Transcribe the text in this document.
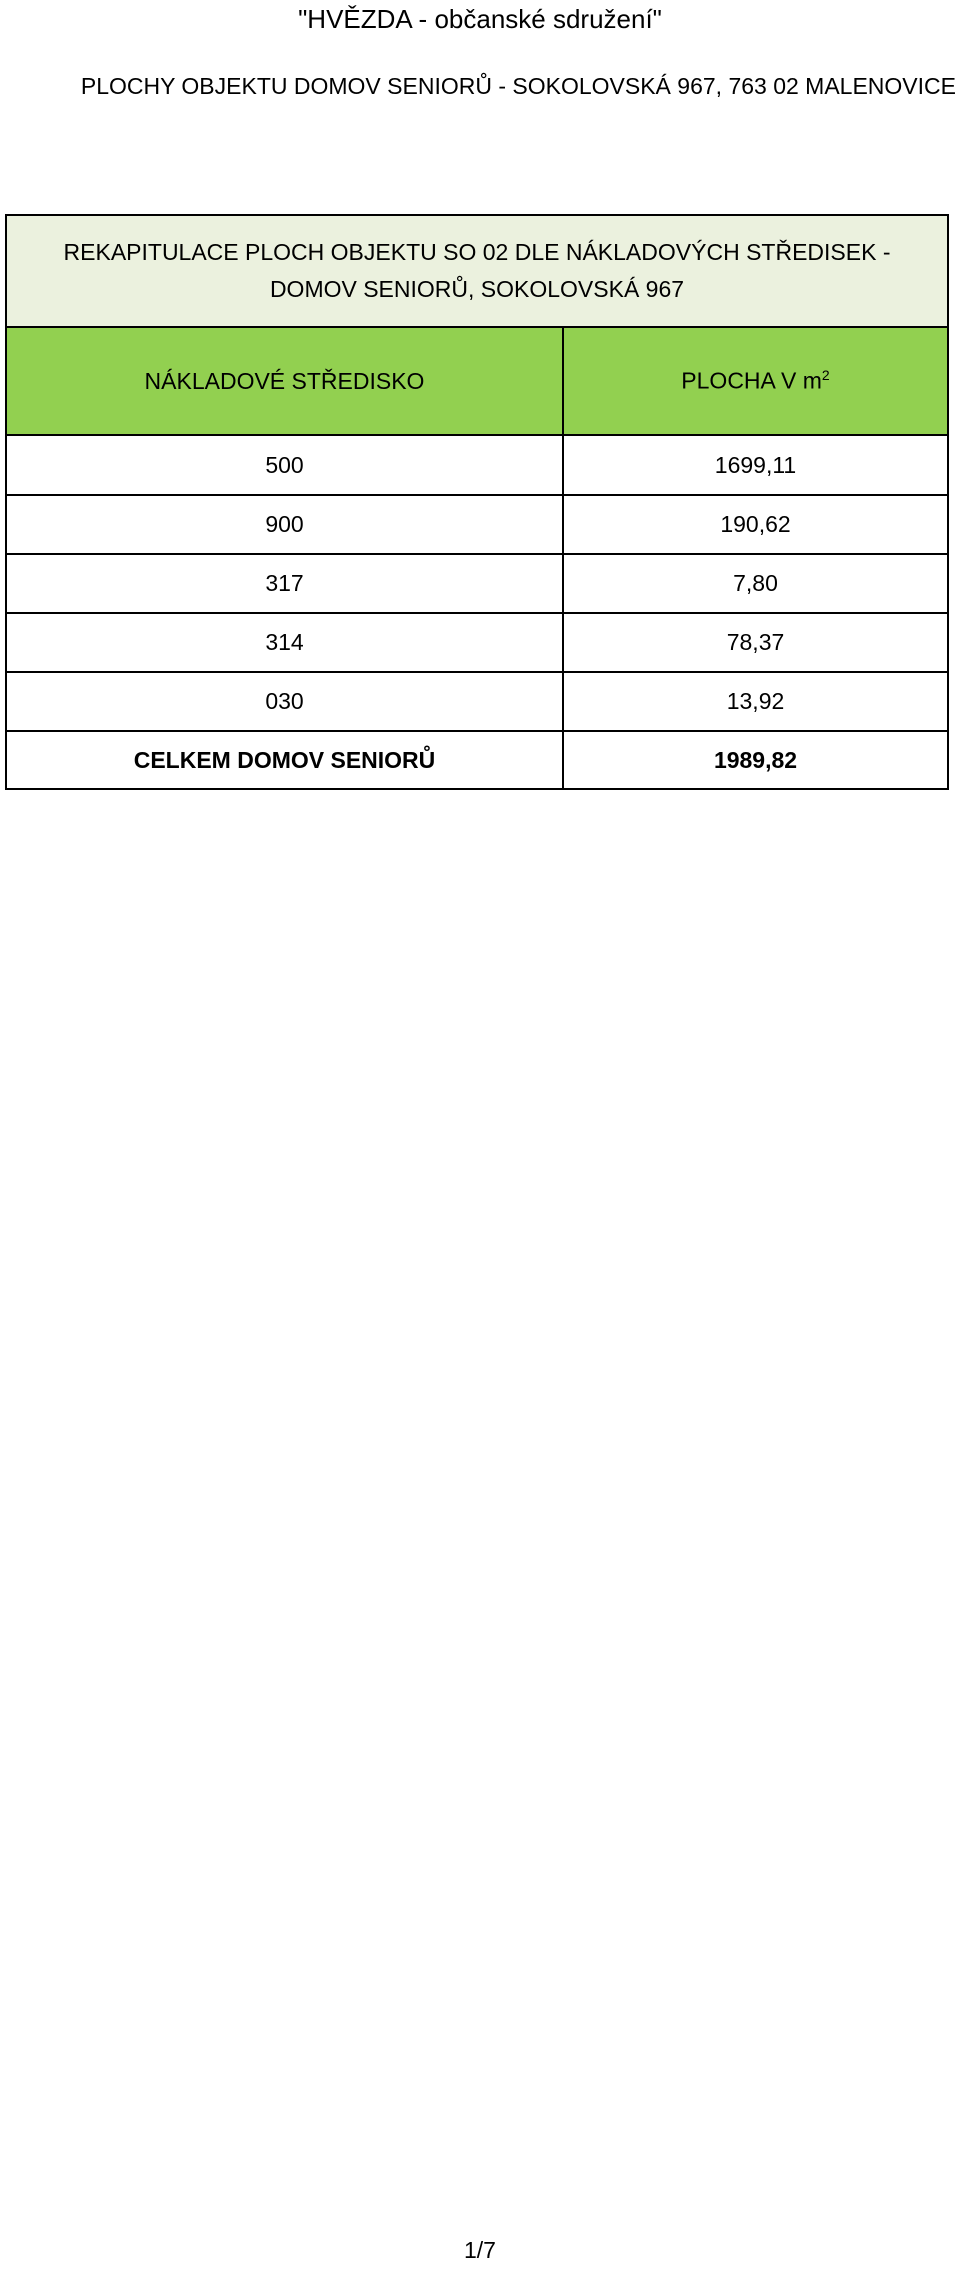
"HVĚZDA - občanské sdružení"
PLOCHY OBJEKTU DOMOV SENIORŮ - SOKOLOVSKÁ 967, 763 02 MALENOVICE
REKAPITULACE PLOCH OBJEKTU SO 02 DLE NÁKLADOVÝCH STŘEDISEK -
DOMOV SENIORŮ, SOKOLOVSKÁ 967	

NÁKLADOVÉ STŘEDISKO	PLOCHA V $m^2$
500	1699,11
900	190,62
317	7,80
314	78,37
030	13,92
CELKEM DOMOV SENIORŮ	1989,82
1/7
